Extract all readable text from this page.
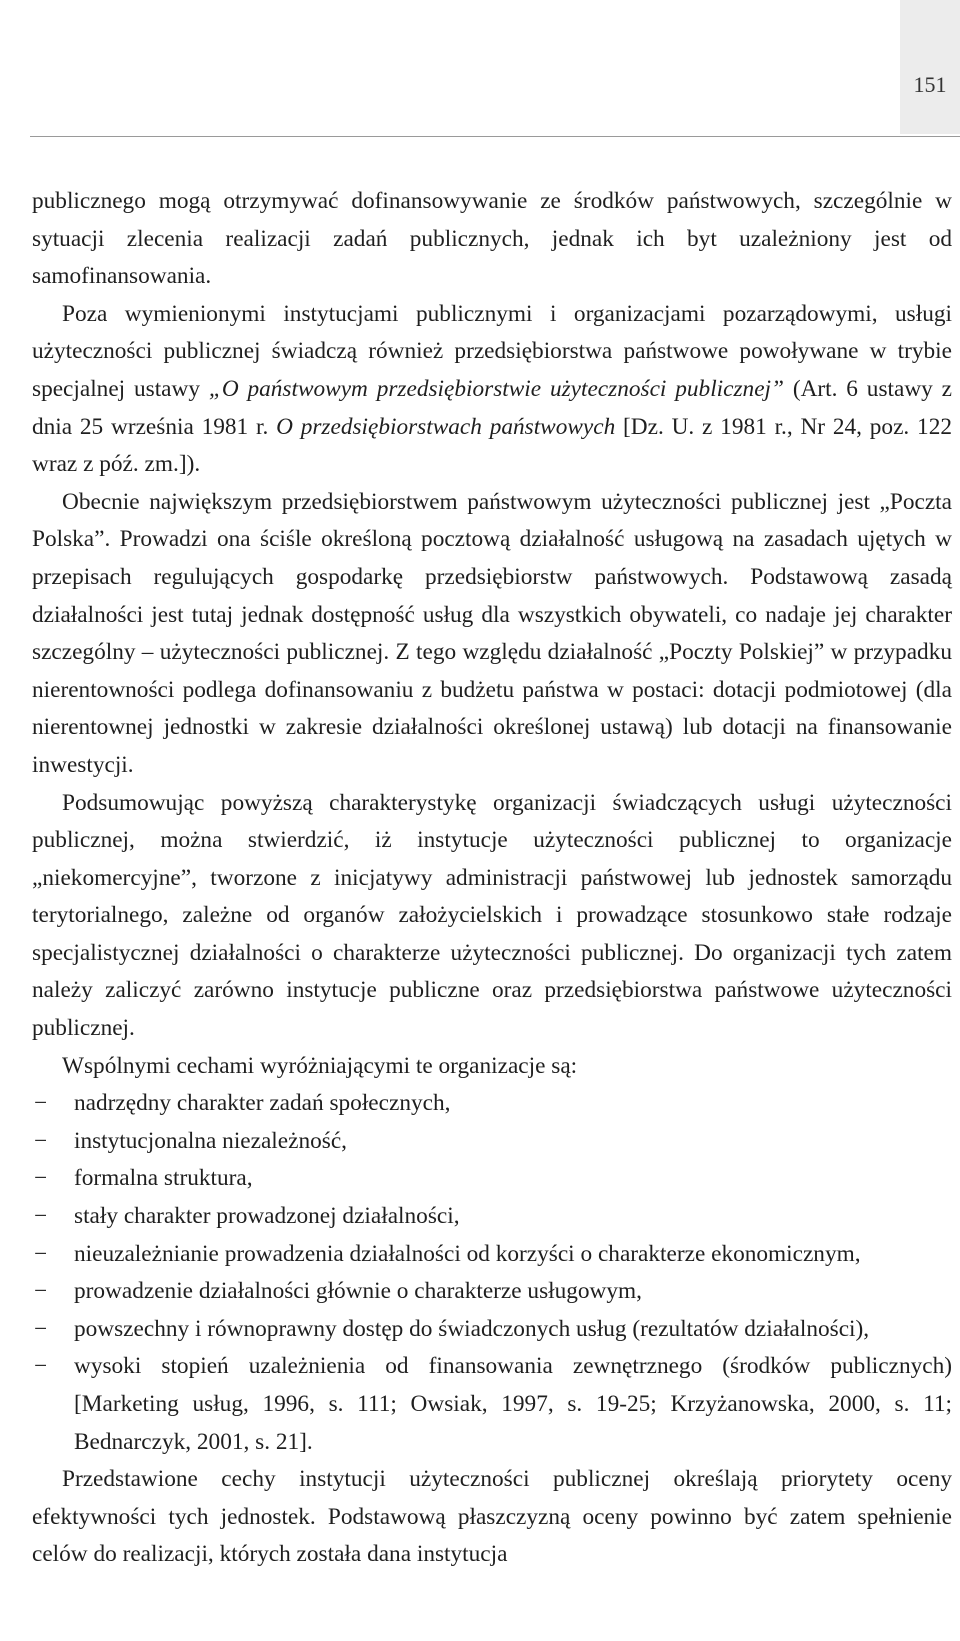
151

publicznego mogą otrzymywać dofinansowywanie ze środków państwowych, szczególnie w sytuacji zlecenia realizacji zadań publicznych, jednak ich byt uzależniony jest od samofinansowania.

Poza wymienionymi instytucjami publicznymi i organizacjami pozarządowymi, usługi użyteczności publicznej świadczą również przedsiębiorstwa państwowe powoływane w trybie specjalnej ustawy „O państwowym przedsiębiorstwie użyteczności publicznej” (Art. 6 ustawy z dnia 25 września 1981 r. O przedsiębiorstwach państwowych [Dz. U. z 1981 r., Nr 24, poz. 122 wraz z póź. zm.]).

Obecnie największym przedsiębiorstwem państwowym użyteczności publicznej jest „Poczta Polska”. Prowadzi ona ściśle określoną pocztową działalność usługową na zasadach ujętych w przepisach regulujących gospodarkę przedsiębiorstw państwowych. Podstawową zasadą działalności jest tutaj jednak dostępność usług dla wszystkich obywateli, co nadaje jej charakter szczególny – użyteczności publicznej. Z tego względu działalność „Poczty Polskiej” w przypadku nierentowności podlega dofinansowaniu z budżetu państwa w postaci: dotacji podmiotowej (dla nierentownej jednostki w zakresie działalności określonej ustawą) lub dotacji na finansowanie inwestycji.

Podsumowując powyższą charakterystykę organizacji świadczących usługi użyteczności publicznej, można stwierdzić, iż instytucje użyteczności publicznej to organizacje „niekomercyjne”, tworzone z inicjatywy administracji państwowej lub jednostek samorządu terytorialnego, zależne od organów założycielskich i prowadzące stosunkowo stałe rodzaje specjalistycznej działalności o charakterze użyteczności publicznej. Do organizacji tych zatem należy zaliczyć zarówno instytucje publiczne oraz przedsiębiorstwa państwowe użyteczności publicznej.

Wspólnymi cechami wyróżniającymi te organizacje są:

− nadrzędny charakter zadań społecznych,
− instytucjonalna niezależność,
− formalna struktura,
− stały charakter prowadzonej działalności,
− nieuzależnianie prowadzenia działalności od korzyści o charakterze ekonomicznym,
− prowadzenie działalności głównie o charakterze usługowym,
− powszechny i równoprawny dostęp do świadczonych usług (rezultatów działalności),
− wysoki stopień uzależnienia od finansowania zewnętrznego (środków publicznych) [Marketing usług, 1996, s. 111; Owsiak, 1997, s. 19-25; Krzyżanowska, 2000, s. 11; Bednarczyk, 2001, s. 21].

Przedstawione cechy instytucji użyteczności publicznej określają priorytety oceny efektywności tych jednostek. Podstawową płaszczyzną oceny powinno być zatem spełnienie celów do realizacji, których została dana instytucja
